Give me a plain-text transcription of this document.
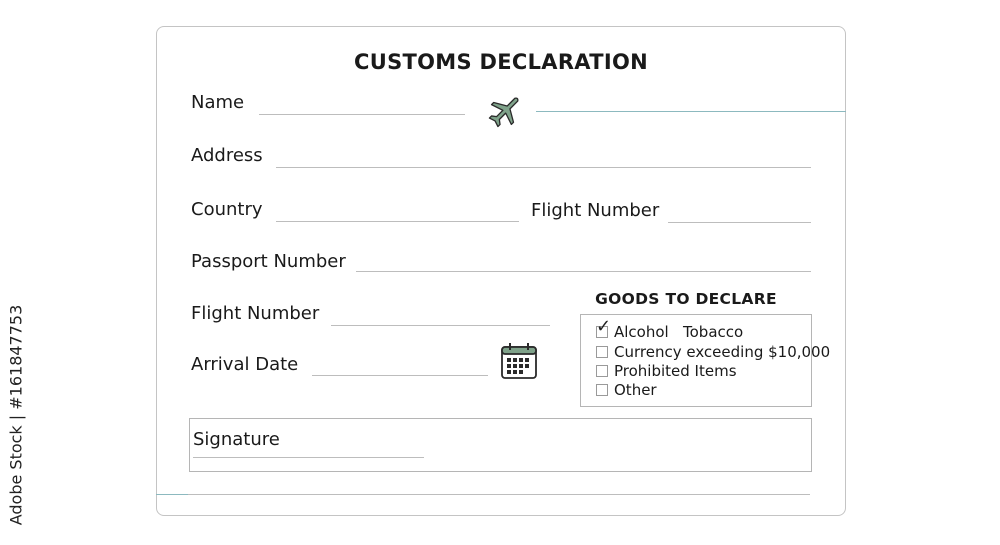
CUSTOMS DECLARATION
Name
Address
Country	Flight Number
Passport Number
Flight Number
Arrival Date
GOODS TO DECLARE
✓ Alcohol   Tobacco
Currency exceeding $10,000
Prohibited Items
Other
Signature
Adobe Stock | #161847753
